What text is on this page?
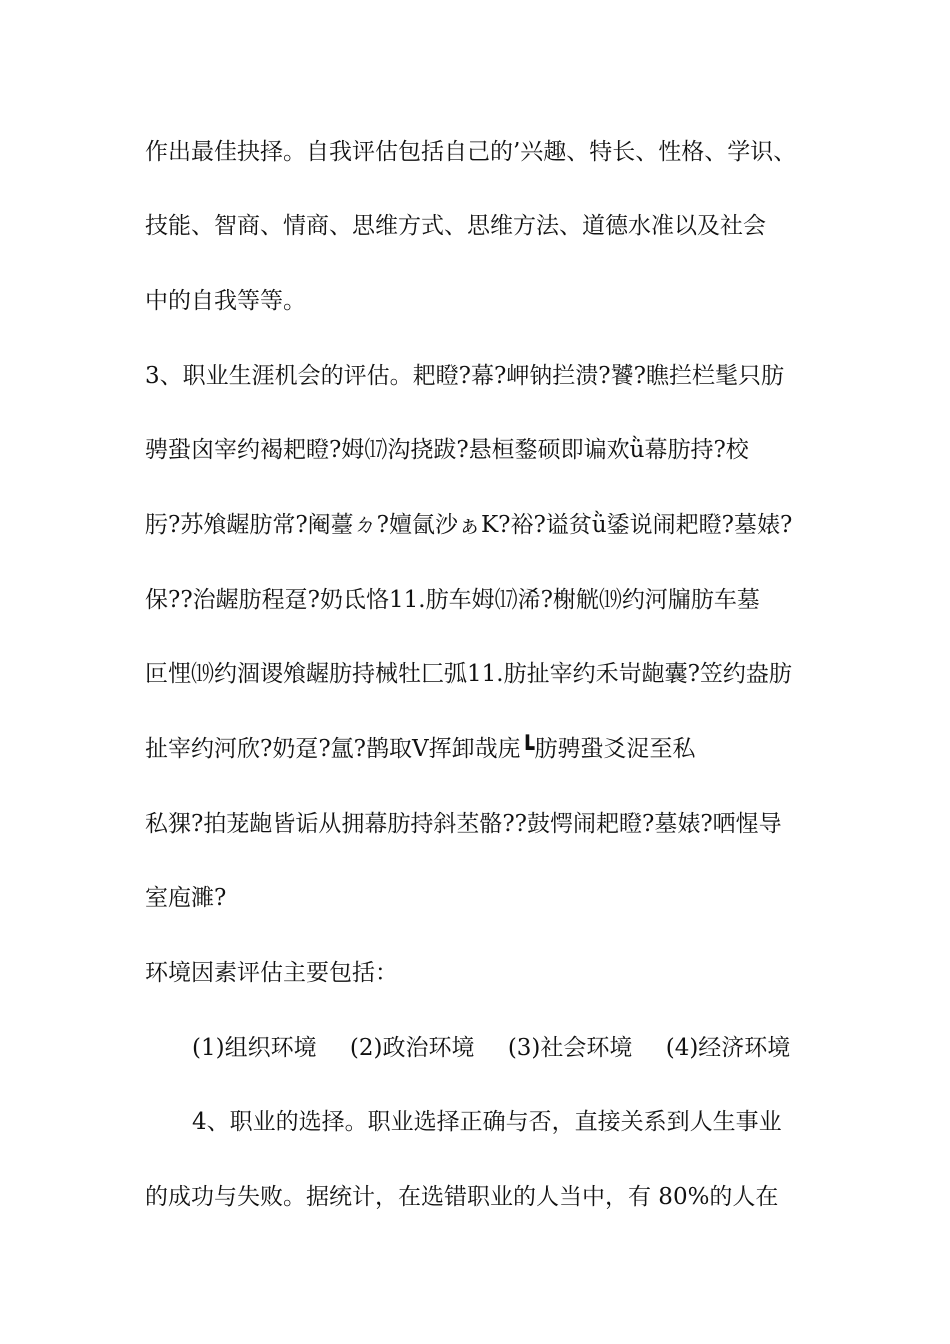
作出最佳抉择。自我评估包括自己的’兴趣、特长、性格、学识、
技能、智商、情商、思维方式、思维方法、道德水准以及社会
中的自我等等。
3、职业生涯机会的评估。耙瞪?幕?岬钠拦溃?饕?瞧拦栏髦只肪
骋蛩囟宰约褐耙瞪?姆⒄沟挠跋?悬桓鍪硕即谝欢ǜ幕肪持?校
肟?苏飧龌肪常?阉薹ㄉ?嬗氤沙ぁK?裕?谥贫ǜ鋈说闹耙瞪?墓婊?
保??治龌肪程趸?奶氐恪11.肪车姆⒄浠?榭觥⒆约河牖肪车墓
叵悝⒆约涸谡飧龌肪持械牡匚弧11.肪扯宰约禾岢龅囊?笠约盎肪
扯宰约河欣?奶趸?氲?鹊取V挥卸哉庑┗肪骋蛩爻浞至私
私猓?拍茏龅皆诟从拥幕肪持斜苤骼??鼓愕闹耙瞪?墓婊?哂惺导
室庖濉?
环境因素评估主要包括：
(1)组织环境 (2)政治环境 (3)社会环境 (4)经济环境
4、职业的选择。职业选择正确与否，直接关系到人生事业
的成功与失败。据统计，在选错职业的人当中，有 80%的人在
